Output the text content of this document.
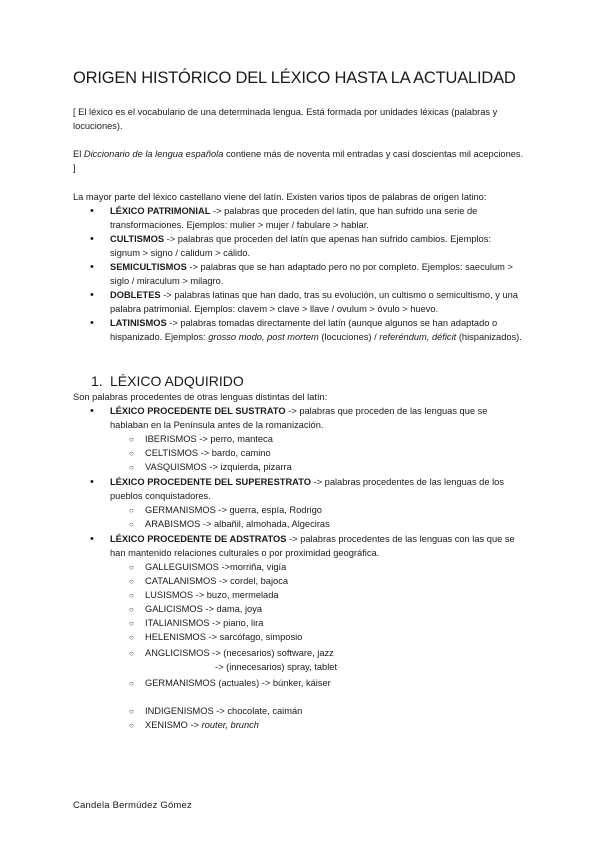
ORIGEN HISTÓRICO DEL LÉXICO HASTA LA ACTUALIDAD
[ El léxico es el vocabulario de una determinada lengua. Está formada por unidades léxicas (palabras y locuciones).
El Diccionario de la lengua española contiene más de noventa mil entradas y casi doscientas mil acepciones. ]
La mayor parte del léxico castellano viene del latín. Existen varios tipos de palabras de origen latino:
•
LÉXICO PATRIMONIAL -> palabras que proceden del latín, que han sufrido una serie de transformaciones. Ejemplos: mulier > mujer / fabulare > hablar.
•
CULTISMOS -> palabras que proceden del latín que apenas han sufrido cambios. Ejemplos: signum > signo / calidum > cálido.
•
SEMICULTISMOS -> palabras que se han adaptado pero no por completo. Ejemplos: saeculum > siglo / miraculum > milagro.
•
DOBLETES -> palabras latinas que han dado, tras su evolución, un cultismo o semicultismo, y una palabra patrimonial. Ejemplos: clavem > clave > llave / ovulum > óvulo > huevo.
•
LATINISMOS -> palabras tomadas directamente del latín (aunque algunos se han adaptado o hispanizado. Ejemplos: grosso modo, post mortem (locuciones) / referéndum, déficit (hispanizados).
1. LÉXICO ADQUIRIDO
Son palabras procedentes de otras lenguas distintas del latín:
•
LÉXICO PROCEDENTE DEL SUSTRATO -> palabras que proceden de las lenguas que se hablaban en la Península antes de la romanización.
○
IBERISMOS -> perro, manteca
○
CELTISMOS -> bardo, camino
○
VASQUISMOS -> izquierda, pizarra
•
LÉXICO PROCEDENTE DEL SUPERESTRATO -> palabras procedentes de las lenguas de los pueblos conquistadores.
○
GERMANISMOS -> guerra, espía, Rodrigo
○
ARABISMOS -> albañil, almohada, Algeciras
•
LÉXICO PROCEDENTE DE ADSTRATOS -> palabras procedentes de las lenguas con las que se han mantenido relaciones culturales o por proximidad geográfica.
○
GALLEGUISMOS ->morriña, vigía
○
CATALANISMOS -> cordel, bajoca
○
LUSISMOS -> buzo, mermelada
○
GALICISMOS -> dama, joya
○
ITALIANISMOS -> piano, lira
○
HELENISMOS -> sarcófago, simposio
○
ANGLICISMOS -> (necesarios) software, jazz
-> (innecesarios) spray, tablet
○
GERMANISMOS (actuales) -> búnker, káiser
○
INDIGENISMOS -> chocolate, caimán
○
XENISMO -> router, brunch
Candela Bermúdez Gómez
